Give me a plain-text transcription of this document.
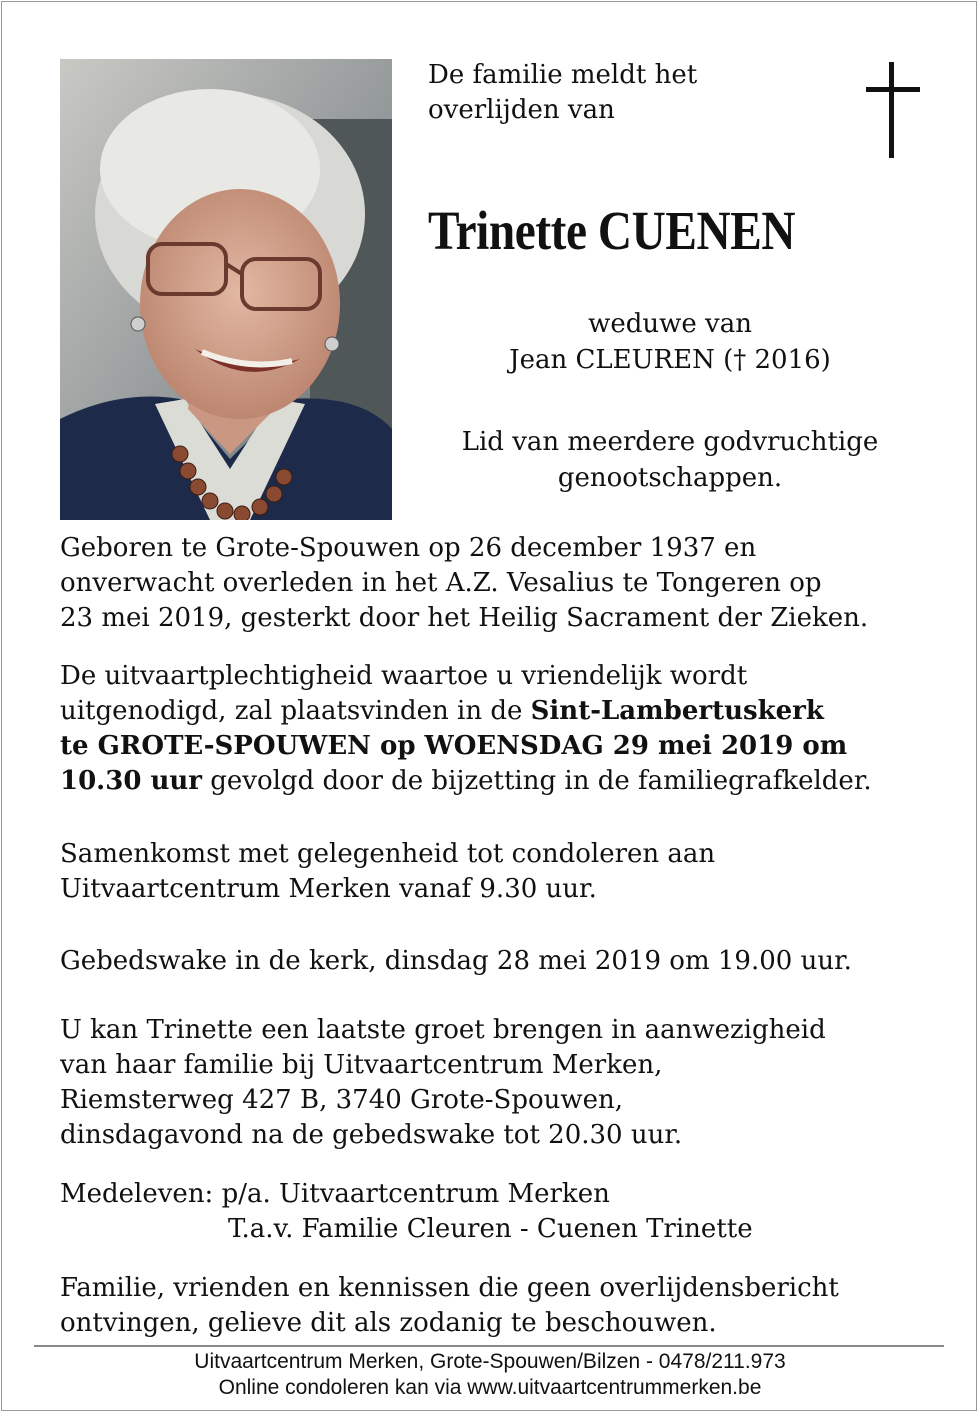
De familie meldt het
overlijden van
Trinette CUENEN
weduwe van
Jean CLEUREN († 2016)
Lid van meerdere godvruchtige
genootschappen.
Geboren te Grote-Spouwen op 26 december 1937 en
onverwacht overleden in het A.Z. Vesalius te Tongeren op
23 mei 2019, gesterkt door het Heilig Sacrament der Zieken.
De uitvaartplechtigheid waartoe u vriendelijk wordt
uitgenodigd, zal plaatsvinden in de Sint-Lambertuskerk
te GROTE-SPOUWEN op WOENSDAG 29 mei 2019 om
10.30 uur gevolgd door de bijzetting in de familiegrafkelder.
Samenkomst met gelegenheid tot condoleren aan
Uitvaartcentrum Merken vanaf 9.30 uur.
Gebedswake in de kerk, dinsdag 28 mei 2019 om 19.00 uur.
U kan Trinette een laatste groet brengen in aanwezigheid
van haar familie bij Uitvaartcentrum Merken,
Riemsterweg 427 B, 3740 Grote-Spouwen,
dinsdagavond na de gebedswake tot 20.30 uur.
Medeleven: p/a. Uitvaartcentrum Merken
T.a.v. Familie Cleuren - Cuenen Trinette
Familie, vrienden en kennissen die geen overlijdensbericht
ontvingen, gelieve dit als zodanig te beschouwen.
Uitvaartcentrum Merken, Grote-Spouwen/Bilzen - 0478/211.973
Online condoleren kan via www.uitvaartcentrummerken.be
